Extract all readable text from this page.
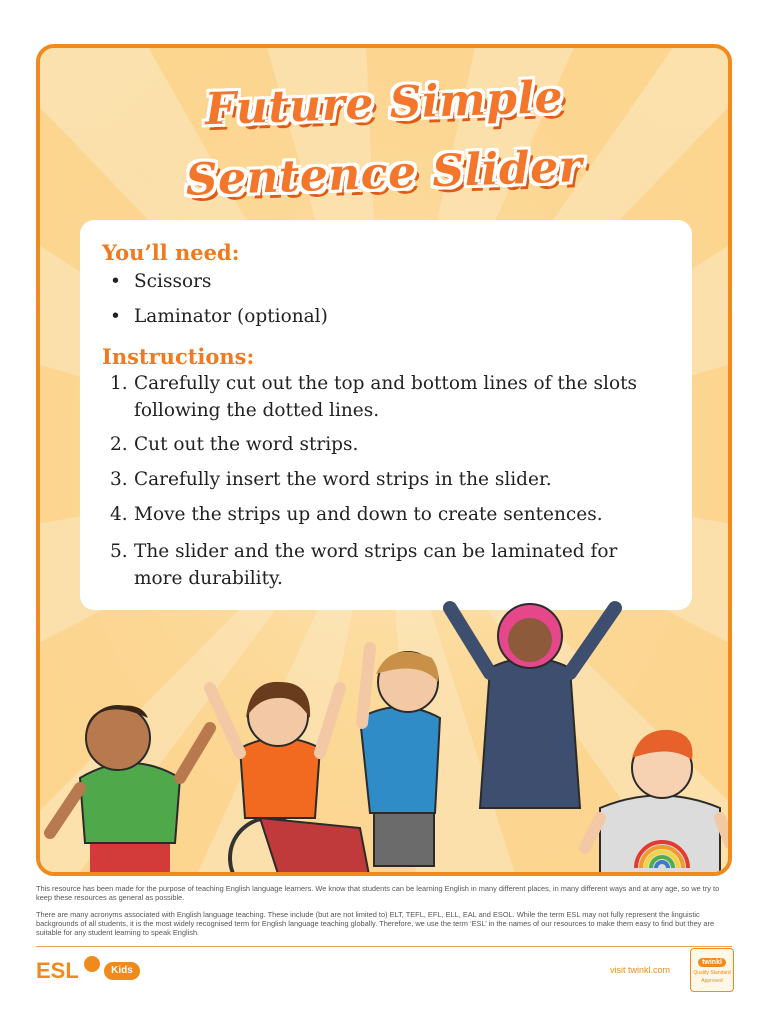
Future Simple
Sentence Slider
You’ll need:
• Scissors
• Laminator (optional)
Instructions:
1. Carefully cut out the top and bottom lines of the slots following the dotted lines.
2. Cut out the word strips.
3. Carefully insert the word strips in the slider.
4. Move the strips up and down to create sentences.
5. The slider and the word strips can be laminated for more durability.
This resource has been made for the purpose of teaching English language learners. We know that students can be learning English in many different places, in many different ways and at any age, so we try to keep these resources as general as possible.
There are many acronyms associated with English language teaching. These include (but are not limited to) ELT, TEFL, EFL, ELL, EAL and ESOL. While the term ESL may not fully represent the linguistic backgrounds of all students, it is the most widely recognised term for English language teaching globally. Therefore, we use the term ‘ESL’ in the names of our resources to make them easy to find but they are suitable for any student learning to speak English.
ESL	Kids	visit twinkl.com
twinkl
Quality Standard
Approved
